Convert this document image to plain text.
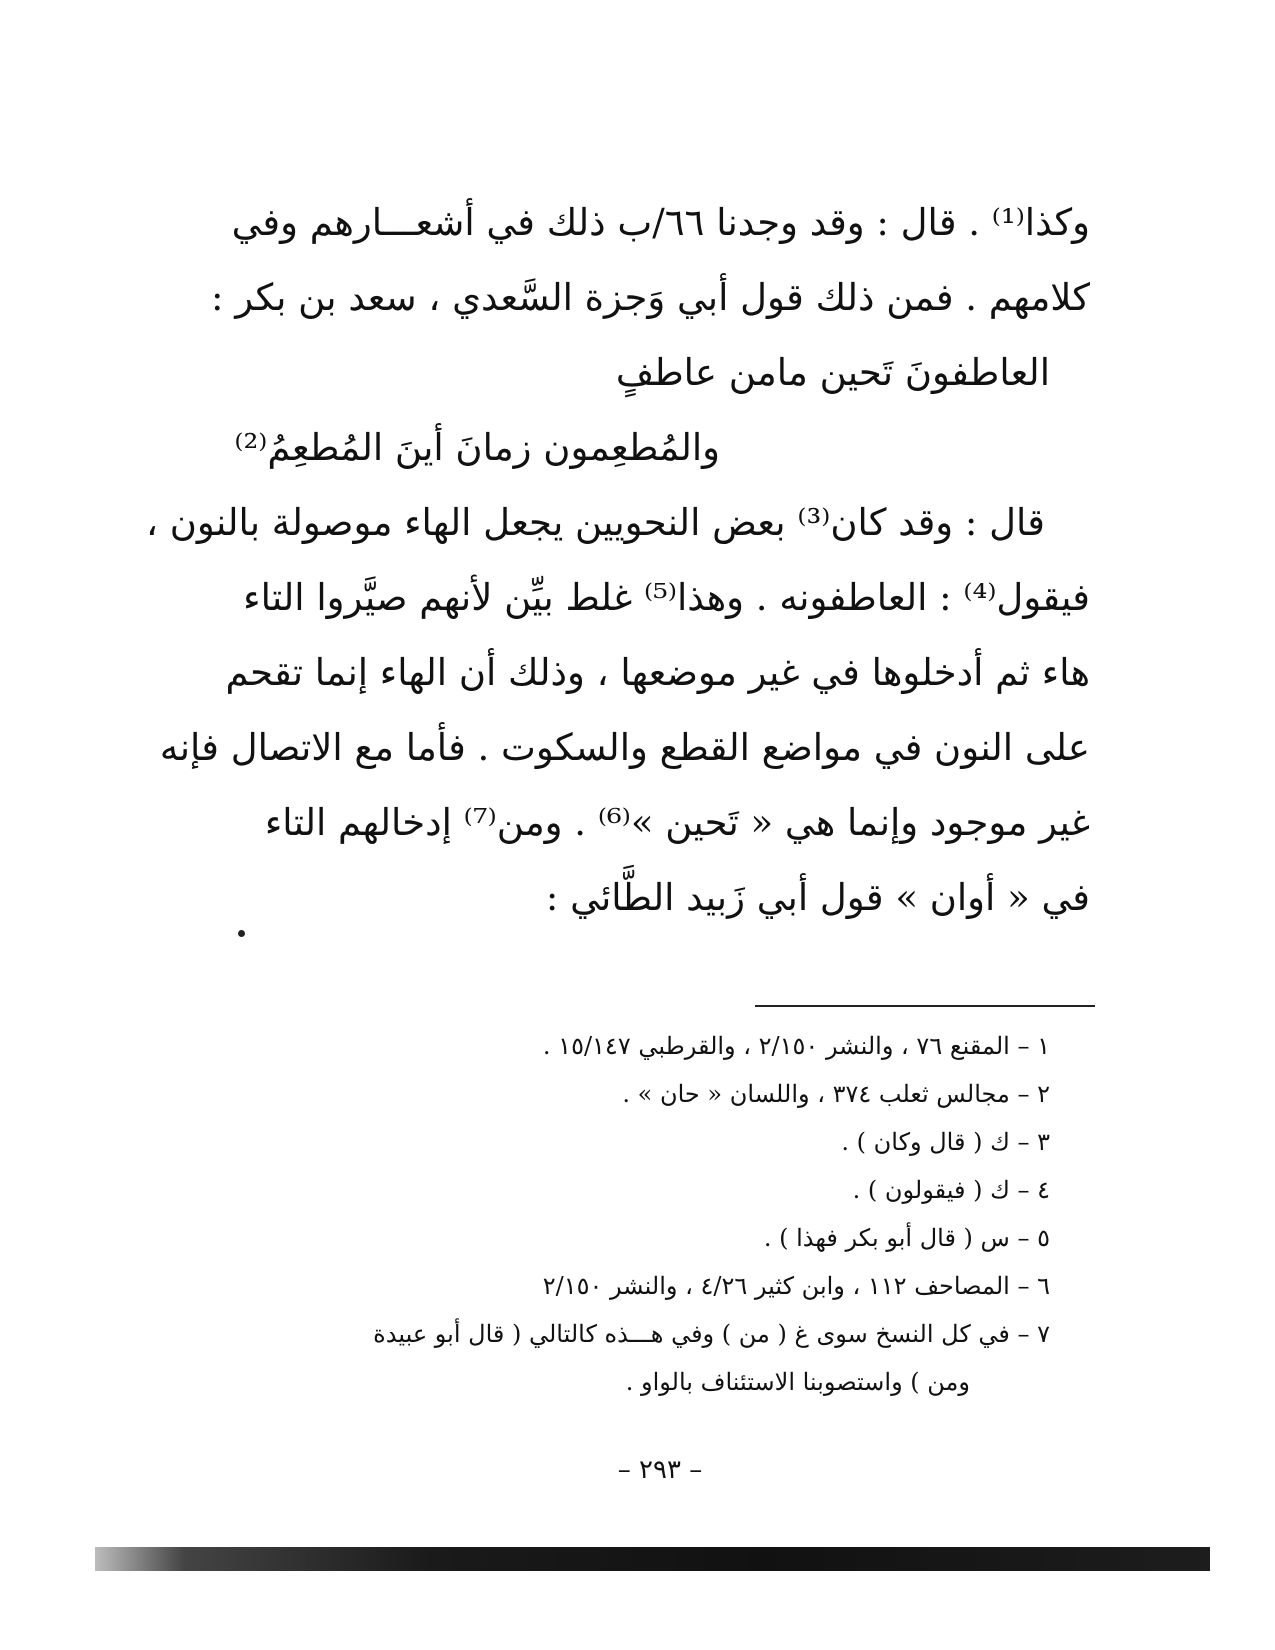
وكذا⁽¹⁾ . قال : وقد وجدنا ٦٦/ب ذلك في أشعـــارهم وفي
كلامهم . فمن ذلك قول أبي وَجزة السَّعدي ، سعد بن بكر :
العاطفونَ تَحين مامن عاطفٍ
والمُطعِمون زمانَ أينَ المُطعِمُ⁽²⁾
قال : وقد كان⁽³⁾ بعض النحويين يجعل الهاء موصولة بالنون ،
فيقول⁽⁴⁾ : العاطفونه . وهذا⁽⁵⁾ غلط بيِّن لأنهم صيَّروا التاء
هاء ثم أدخلوها في غير موضعها ، وذلك أن الهاء إنما تقحم
على النون في مواضع القطع والسكوت . فأما مع الاتصال فإنه
غير موجود وإنما هي « تَحين »⁽⁶⁾ . ومن⁽⁷⁾ إدخالهم التاء
في « أوان » قول أبي زَبيد الطَّائي :
١ – المقنع ٧٦ ، والنشر ٢/١٥٠ ، والقرطبي ١٥/١٤٧ .
٢ – مجالس ثعلب ٣٧٤ ، واللسان « حان » .
٣ – ك ( قال وكان ) .
٤ – ك ( فيقولون ) .
٥ – س ( قال أبو بكر فهذا ) .
٦ – المصاحف ١١٢ ، وابن كثير ٤/٢٦ ، والنشر ٢/١٥٠
٧ – في كل النسخ سوى غ ( من ) وفي هـــذه كالتالي ( قال أبو عبيدة
ومن ) واستصوبنا الاستئناف بالواو .
– ٢٩٣ –
